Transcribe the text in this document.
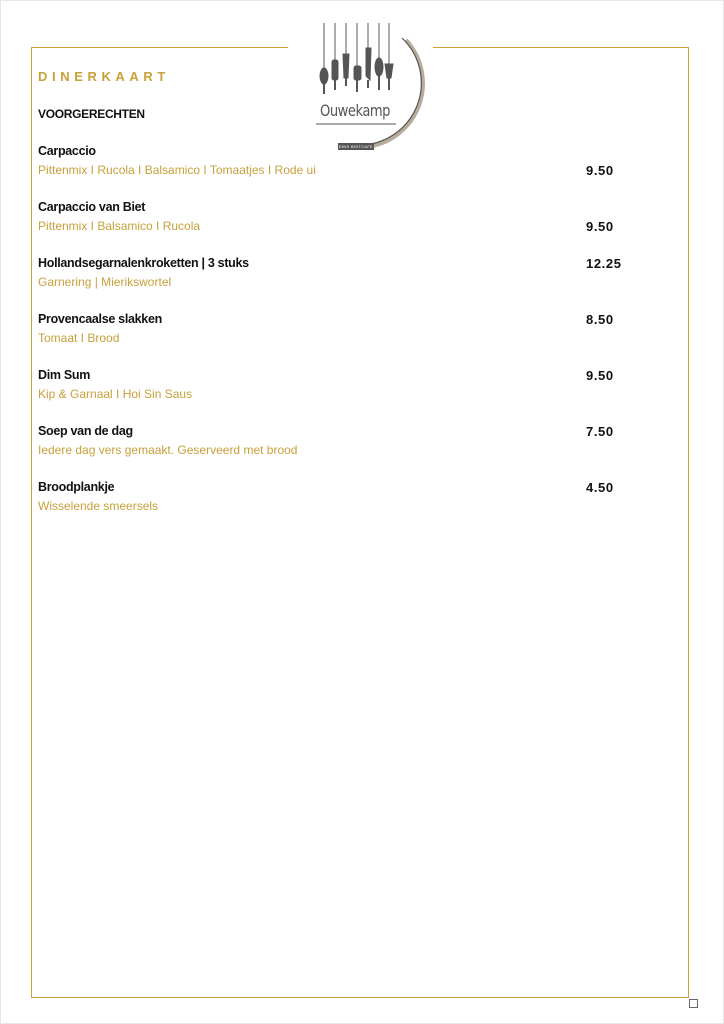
Ouwekamp
EINS BISTCAFE
DINERKAART
VOORGERECHTEN
Carpaccio
Pittenmix I Rucola I Balsamico I Tomaatjes I Rode ui	9.50
Carpaccio van Biet
Pittenmix I Balsamico I Rucola	9.50
Hollandsegarnalenkroketten | 3 stuks
Garnering | Mierikswortel
12.25
Provencaalse slakken
Tomaat I Brood
8.50
Dim Sum
Kip & Garnaal I Hoi Sin Saus
9.50
Soep van de dag
Iedere dag vers gemaakt. Geserveerd met brood
7.50
Broodplankje
Wisselende smeersels
4.50
